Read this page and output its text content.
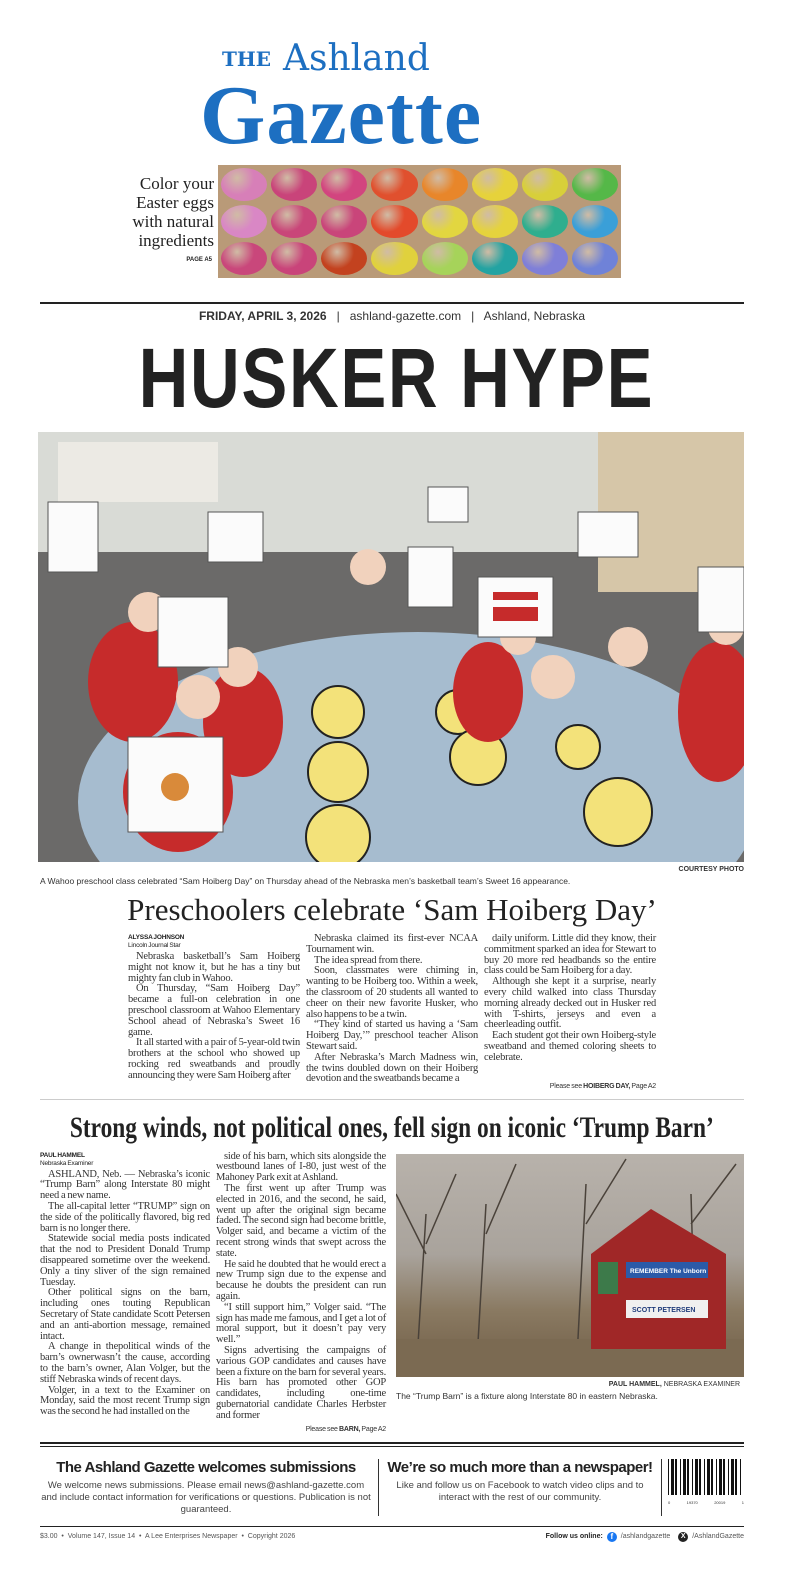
THE Ashland
Gazette
Color your Easter eggs with natural ingredients
PAGE A5
FRIDAY, APRIL 3, 2026 | ashland-gazette.com | Ashland, Nebraska
HUSKER HYPE
COURTESY PHOTO
A Wahoo preschool class celebrated “Sam Hoiberg Day” on Thursday ahead of the Nebraska men’s basketball team’s Sweet 16 appearance.
Preschoolers celebrate ‘Sam Hoiberg Day’
ALYSSA JOHNSON
Lincoln Journal Star

Nebraska basketball’s Sam Hoiberg might not know it, but he has a tiny but mighty fan club in Wahoo.

On Thursday, “Sam Hoiberg Day” became a full-on celebration in one preschool classroom at Wahoo Elementary School ahead of Nebraska’s Sweet 16 game.

It all started with a pair of 5-year-old twin brothers at the school who showed up rocking red sweatbands and proudly announcing they were Sam Hoiberg after

Nebraska claimed its first-ever NCAA Tournament win.

The idea spread from there.

Soon, classmates were chiming in, wanting to be Hoiberg too. Within a week, the classroom of 20 students all wanted to cheer on their new favorite Husker, who also happens to be a twin.

“They kind of started us having a ‘Sam Hoiberg Day,’” preschool teacher Alison Stewart said.

After Nebraska’s March Madness win, the twins doubled down on their Hoiberg devotion and the sweatbands became a

daily uniform. Little did they know, their commitment sparked an idea for Stewart to buy 20 more red headbands so the entire class could be Sam Hoiberg for a day.

Although she kept it a surprise, nearly every child walked into class Thursday morning already decked out in Husker red with T-shirts, jerseys and even a cheerleading outfit.

Each student got their own Hoiberg-style sweatband and themed coloring sheets to celebrate.

Please see HOIBERG DAY, Page A2
Strong winds, not political ones, fell sign on iconic ‘Trump Barn’
PAUL HAMMEL
Nebraska Examiner

ASHLAND, Neb. — Nebraska’s iconic “Trump Barn” along Interstate 80 might need a new name.

The all-capital letter “TRUMP” sign on the side of the politically flavored, big red barn is no longer there.

Statewide social media posts indicated that the nod to President Donald Trump disappeared sometime over the weekend. Only a tiny sliver of the sign remained Tuesday.

Other political signs on the barn, including ones touting Republican Secretary of State candidate Scott Petersen and an anti-abortion message, remained intact.

A change in thepolitical winds of the barn’s ownerwasn’t the cause, according to the barn’s owner, Alan Volger, but the stiff Nebraska winds of recent days.

Volger, in a text to the Examiner on Monday, said the most recent Trump sign was the second he had installed on the

side of his barn, which sits alongside the westbound lanes of I-80, just west of the Mahoney Park exit at Ashland.

The first went up after Trump was elected in 2016, and the second, he said, went up after the original sign became faded. The second sign had become brittle, Volger said, and became a victim of the recent strong winds that swept across the state.

He said he doubted that he would erect a new Trump sign due to the expense and because he doubts the president can run again.

“I still support him,” Volger said. “The sign has made me famous, and I get a lot of moral support, but it doesn’t pay very well.”

Signs advertising the campaigns of various GOP candidates and causes have been a fixture on the barn for several years. His barn has promoted other GOP candidates, including one-time gubernatorial candidate Charles Herbster and former

Please see BARN, Page A2
REMEMBER The Unborn
SCOTT PETERSEN
PAUL HAMMEL, NEBRASKA EXAMINER
The “Trump Barn” is a fixture along Interstate 80 in eastern Nebraska.
The Ashland Gazette welcomes submissions
We welcome news submissions. Please email news@ashland-gazette.com and include contact information for verifications or questions. Publication is not guaranteed.
We’re so much more than a newspaper!
Like and follow us on Facebook to watch video clips and to interact with the rest of our community.	0	19370	20019	1
$3.00 • Volume 147, Issue 14 • A Lee Enterprises Newspaper • Copyright 2026	Follow us online: f	/ashlandgazette	X /AshlandGazette
